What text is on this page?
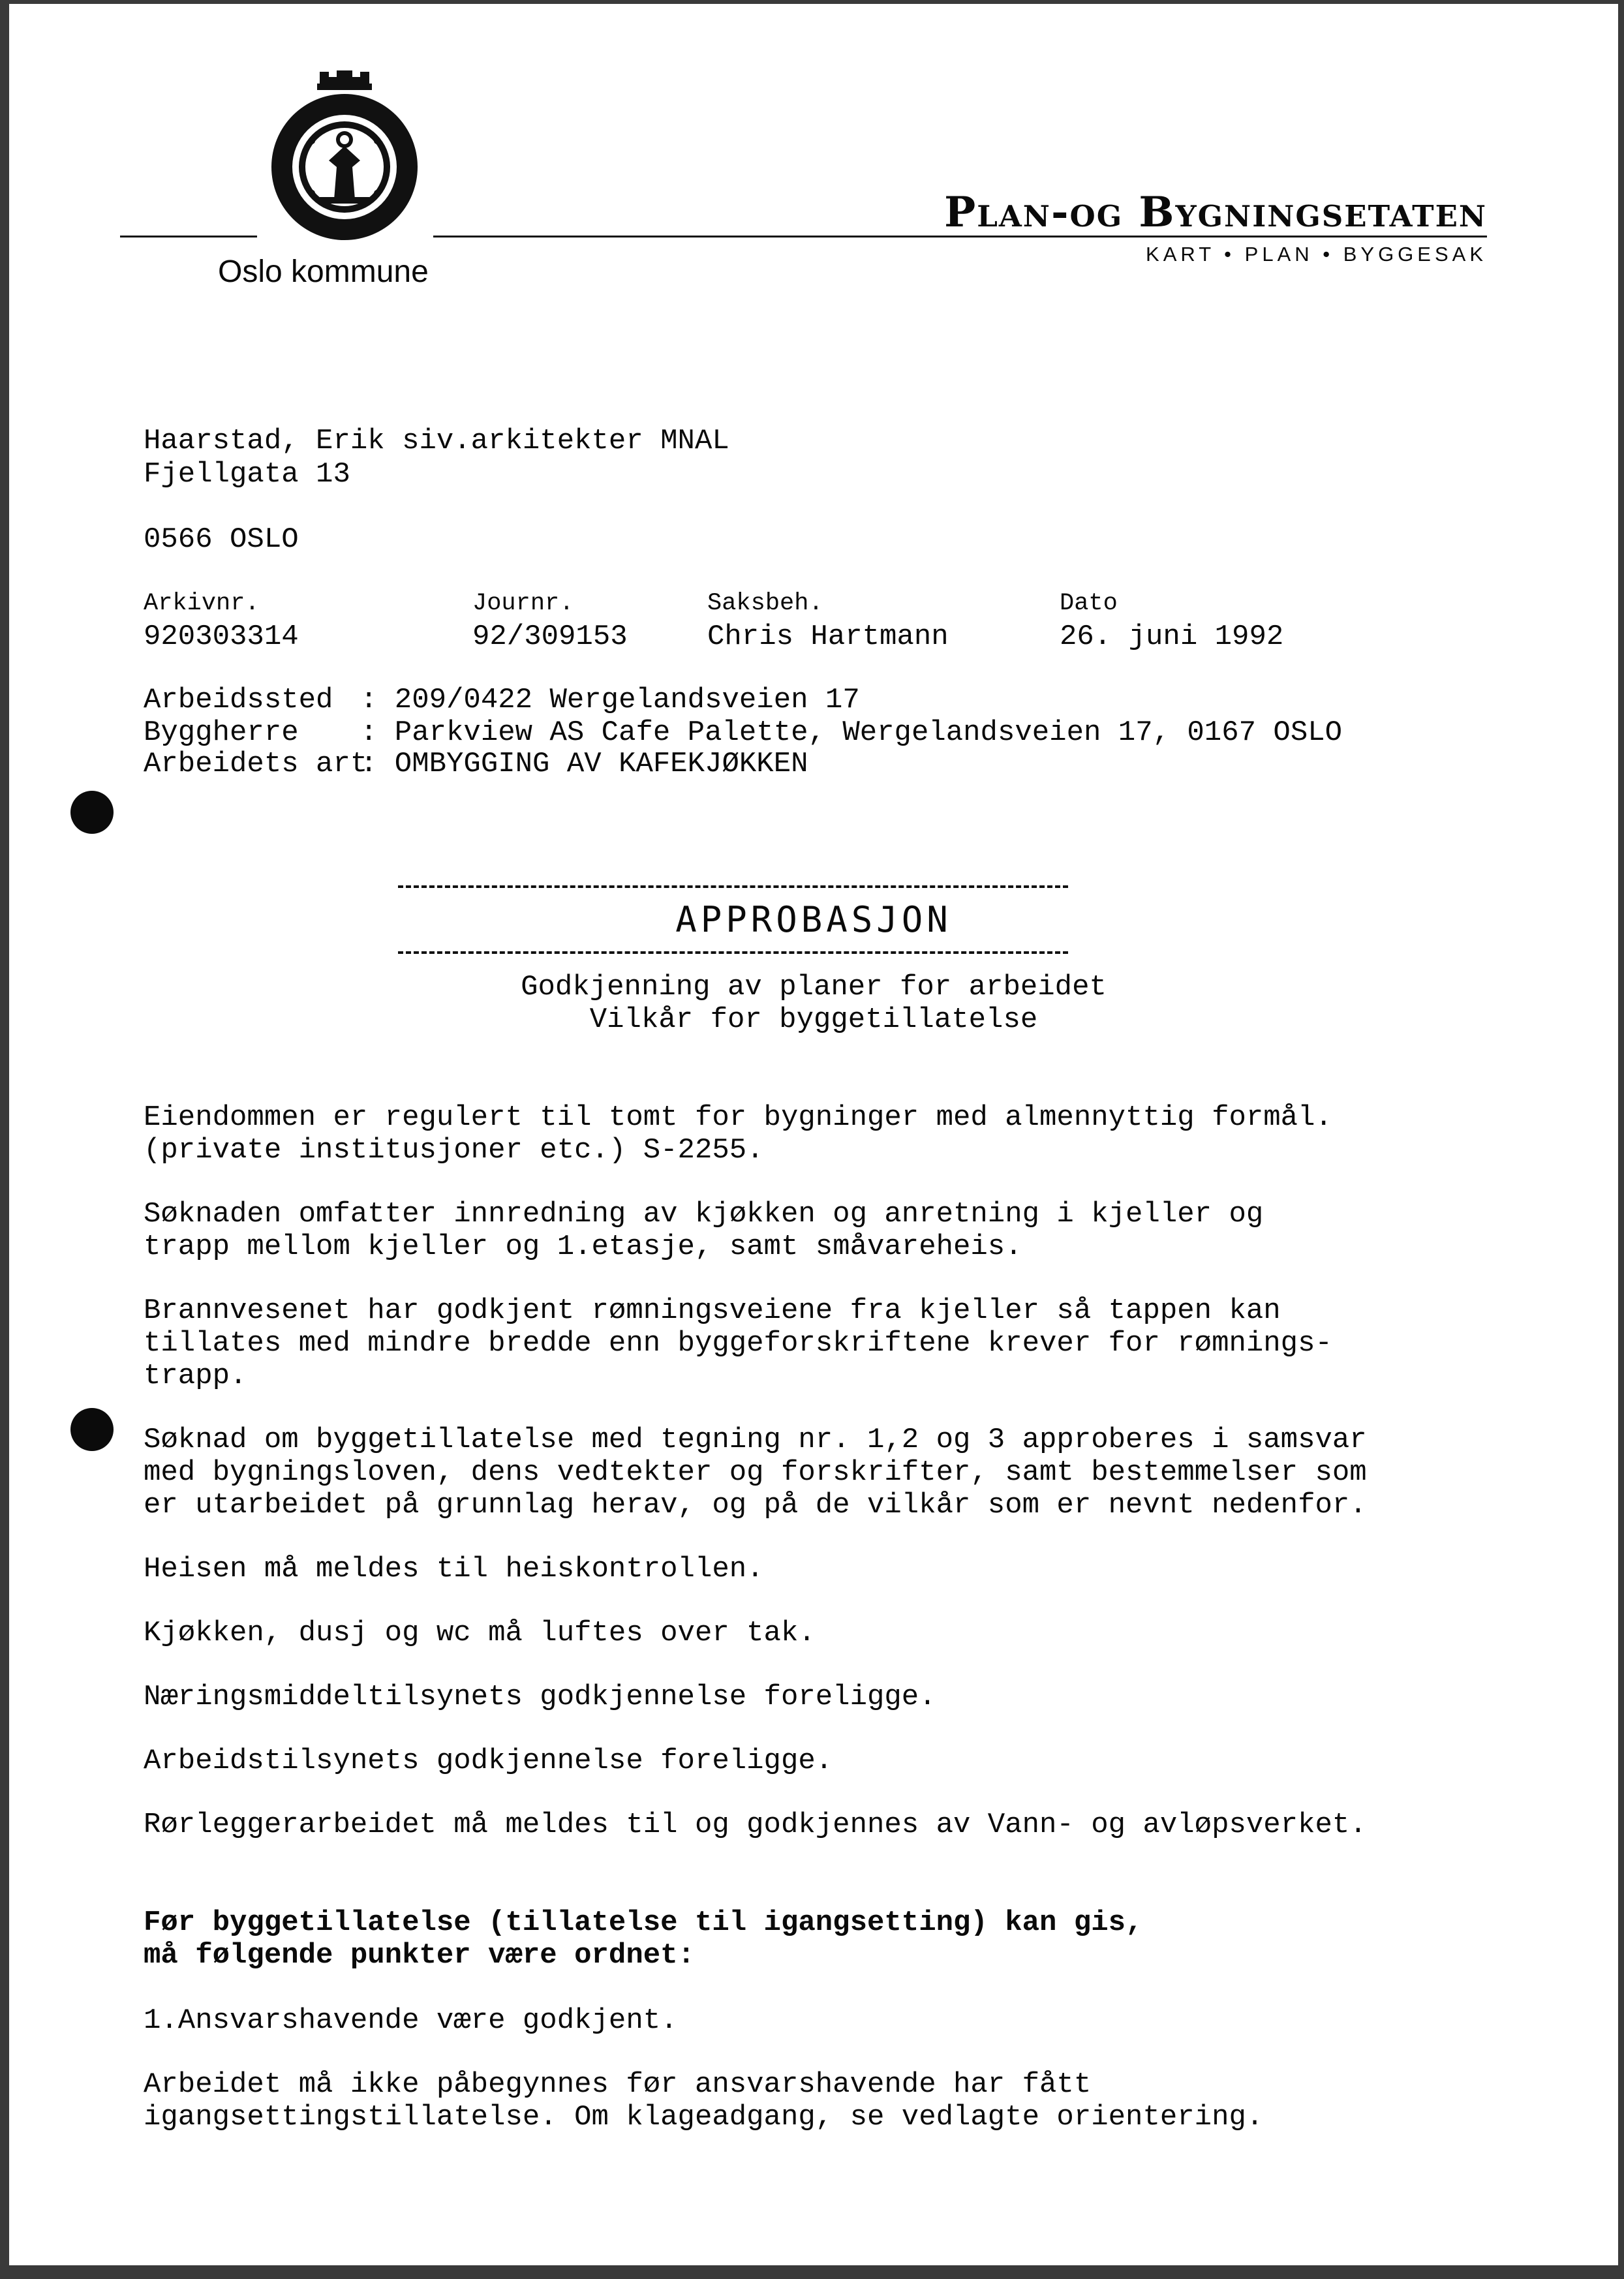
Oslo kommune
Plan-og Bygningsetaten
KART • PLAN • BYGGESAK
Haarstad, Erik siv.arkitekter MNAL
Fjellgata 13
0566 OSLO
Arkivnr.
920303314
Journr.
92/309153
Saksbeh.
Chris Hartmann
Dato
26. juni 1992
Arbeidssted : 209/0422 Wergelandsveien 17
Byggherre : Parkview AS Cafe Palette, Wergelandsveien 17, 0167 OSLO
Arbeidets art
: OMBYGGING AV KAFEKJØKKEN
APPROBASJON
Godkjenning av planer for arbeidet
Vilkår for byggetillatelse
Eiendommen er regulert til tomt for bygninger med almennyttig formål.
(private institusjoner etc.) S-2255.
Søknaden omfatter innredning av kjøkken og anretning i kjeller og
trapp mellom kjeller og 1.etasje, samt småvareheis.
Brannvesenet har godkjent rømningsveiene fra kjeller så tappen kan
tillates med mindre bredde enn byggeforskriftene krever for rømnings-
trapp.
Søknad om byggetillatelse med tegning nr. 1,2 og 3 approberes i samsvar
med bygningsloven, dens vedtekter og forskrifter, samt bestemmelser som
er utarbeidet på grunnlag herav, og på de vilkår som er nevnt nedenfor.
Heisen må meldes til heiskontrollen.
Kjøkken, dusj og wc må luftes over tak.
Næringsmiddeltilsynets godkjennelse foreligge.
Arbeidstilsynets godkjennelse foreligge.
Rørleggerarbeidet må meldes til og godkjennes av Vann- og avløpsverket.
Før byggetillatelse (tillatelse til igangsetting) kan gis,
må følgende punkter være ordnet:
1.Ansvarshavende være godkjent.
Arbeidet må ikke påbegynnes før ansvarshavende har fått
igangsettingstillatelse. Om klageadgang, se vedlagte orientering.
